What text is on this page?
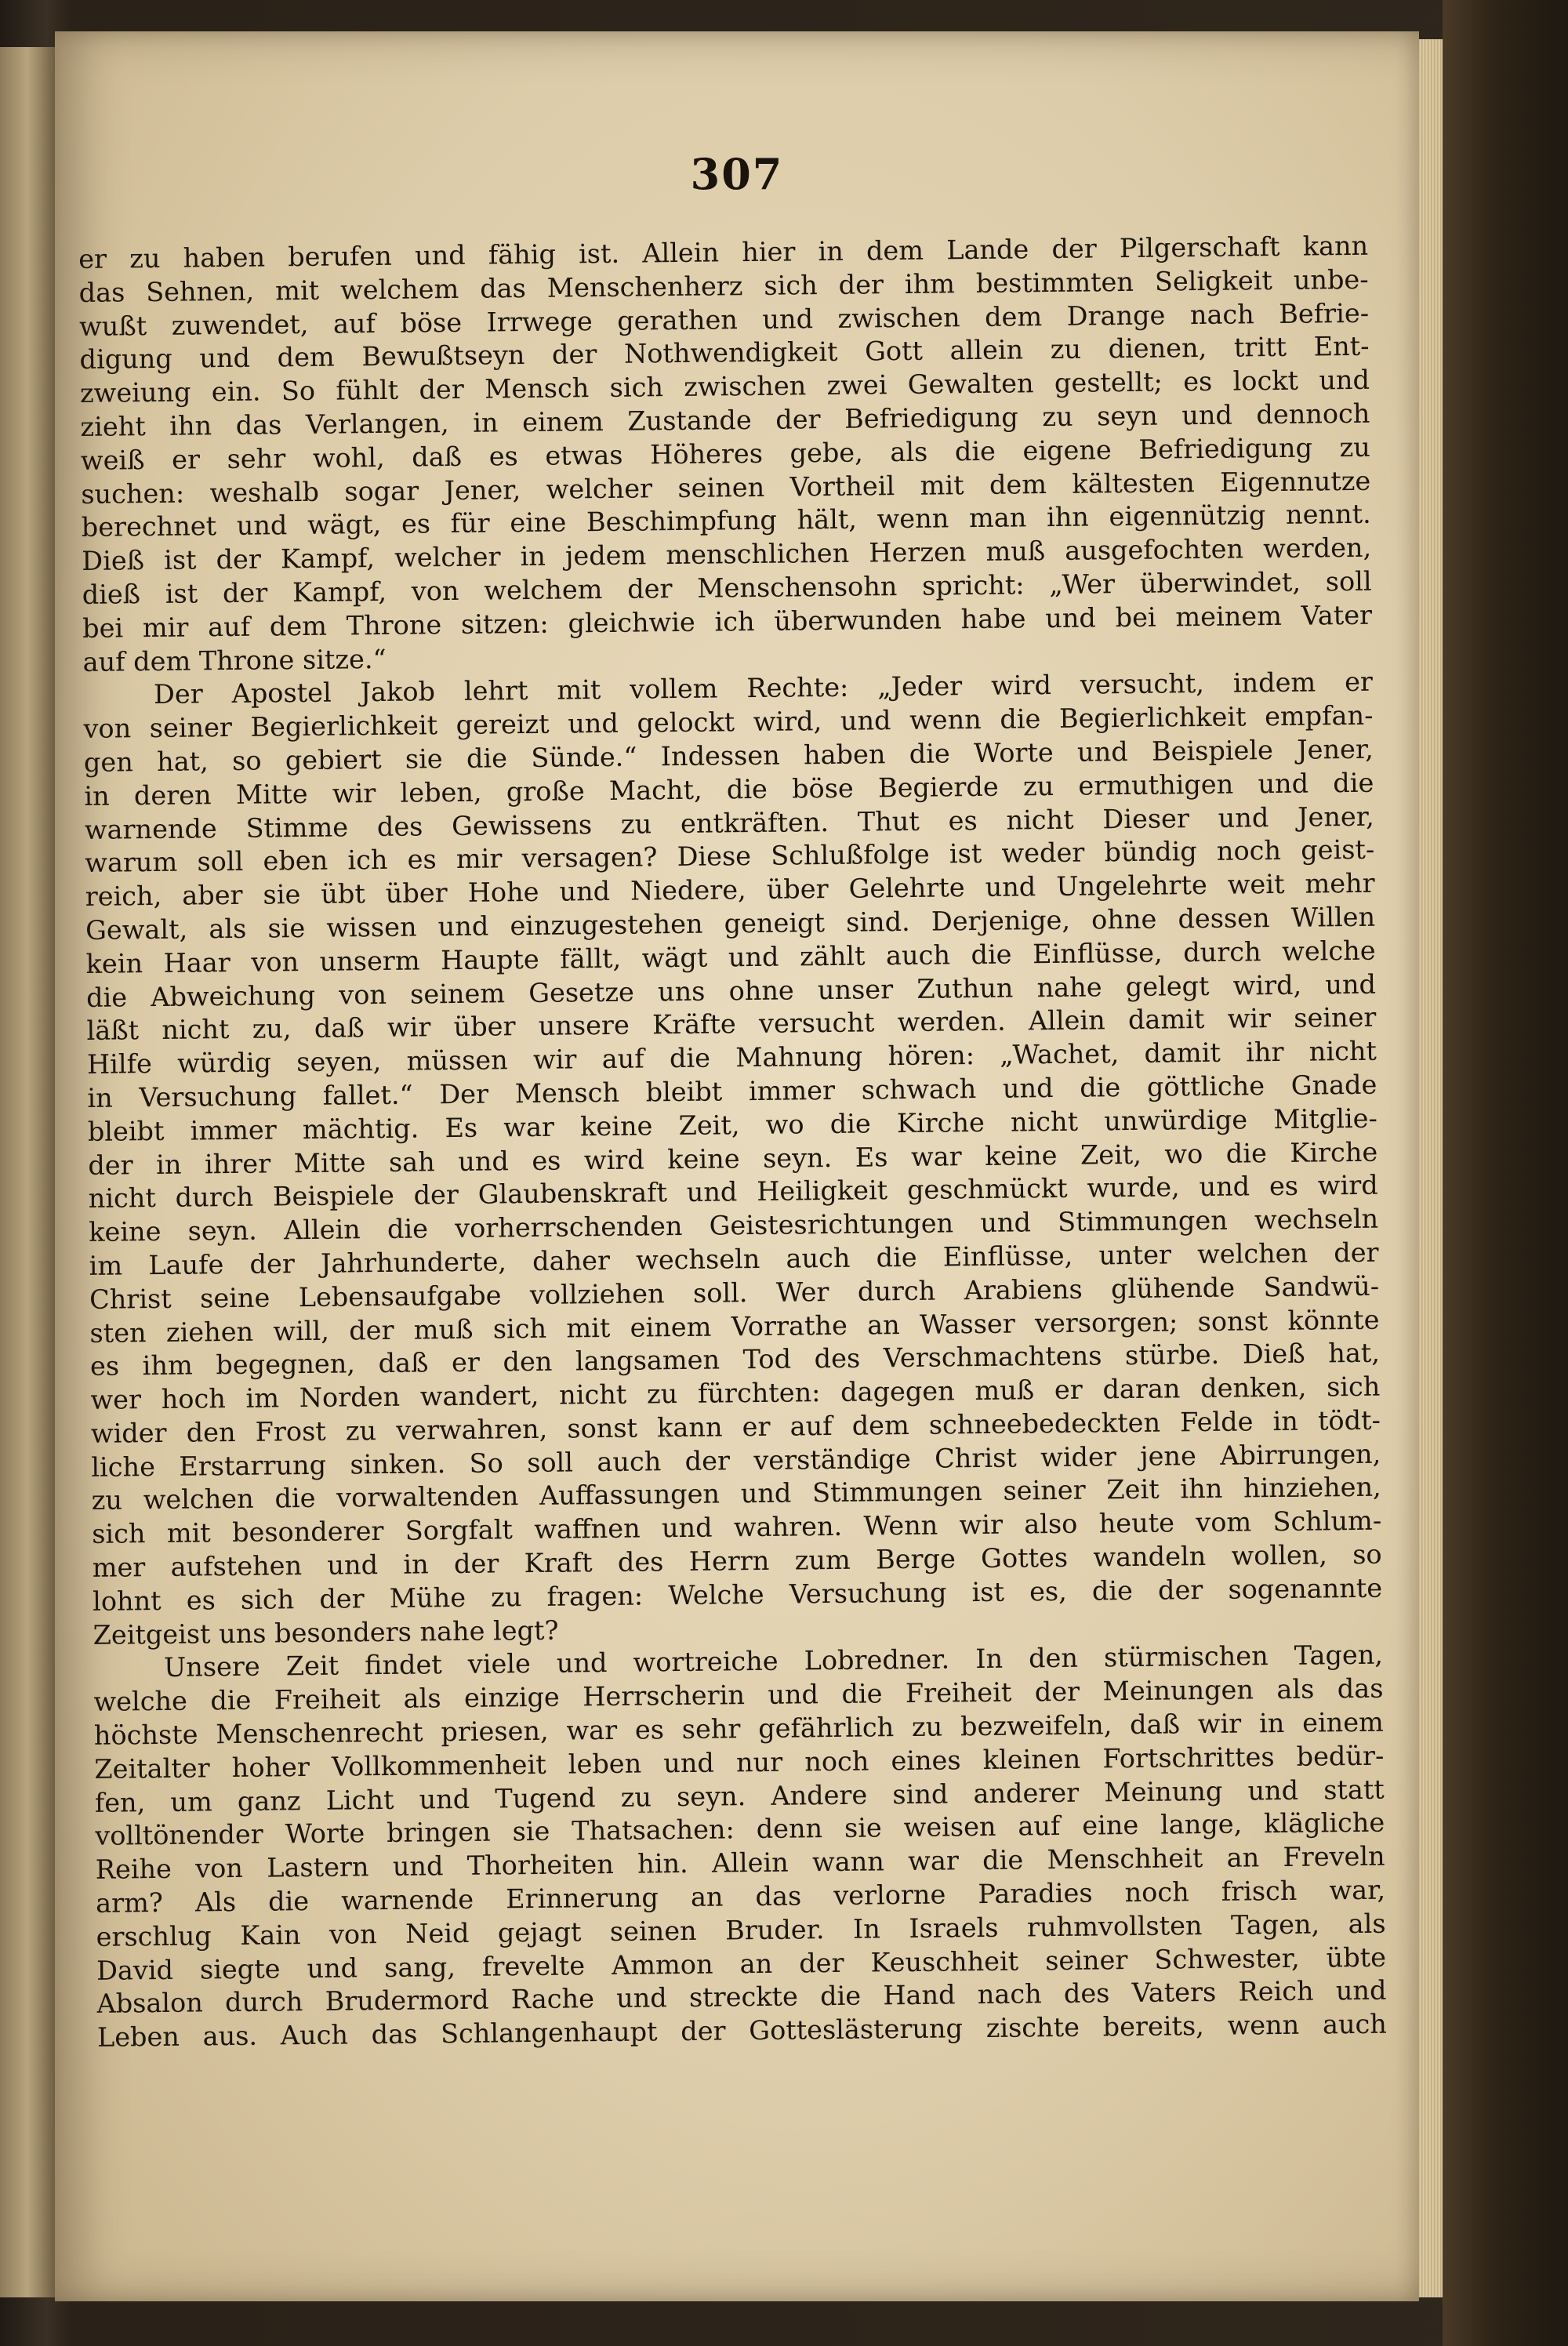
307
er zu haben berufen und fähig ist. Allein hier in dem Lande der Pilgerschaft kann
das Sehnen, mit welchem das Menschenherz sich der ihm bestimmten Seligkeit unbe-
wußt zuwendet, auf böse Irrwege gerathen und zwischen dem Drange nach Befrie-
digung und dem Bewußtseyn der Nothwendigkeit Gott allein zu dienen, tritt Ent-
zweiung ein. So fühlt der Mensch sich zwischen zwei Gewalten gestellt; es lockt und
zieht ihn das Verlangen, in einem Zustande der Befriedigung zu seyn und dennoch
weiß er sehr wohl, daß es etwas Höheres gebe, als die eigene Befriedigung zu
suchen: weshalb sogar Jener, welcher seinen Vortheil mit dem kältesten Eigennutze
berechnet und wägt, es für eine Beschimpfung hält, wenn man ihn eigennützig nennt.
Dieß ist der Kampf, welcher in jedem menschlichen Herzen muß ausgefochten werden,
dieß ist der Kampf, von welchem der Menschensohn spricht: „Wer überwindet, soll
bei mir auf dem Throne sitzen: gleichwie ich überwunden habe und bei meinem Vater
auf dem Throne sitze.“
Der Apostel Jakob lehrt mit vollem Rechte: „Jeder wird versucht, indem er
von seiner Begierlichkeit gereizt und gelockt wird, und wenn die Begierlichkeit empfan-
gen hat, so gebiert sie die Sünde.“ Indessen haben die Worte und Beispiele Jener,
in deren Mitte wir leben, große Macht, die böse Begierde zu ermuthigen und die
warnende Stimme des Gewissens zu entkräften. Thut es nicht Dieser und Jener,
warum soll eben ich es mir versagen? Diese Schlußfolge ist weder bündig noch geist-
reich, aber sie übt über Hohe und Niedere, über Gelehrte und Ungelehrte weit mehr
Gewalt, als sie wissen und einzugestehen geneigt sind. Derjenige, ohne dessen Willen
kein Haar von unserm Haupte fällt, wägt und zählt auch die Einflüsse, durch welche
die Abweichung von seinem Gesetze uns ohne unser Zuthun nahe gelegt wird, und
läßt nicht zu, daß wir über unsere Kräfte versucht werden. Allein damit wir seiner
Hilfe würdig seyen, müssen wir auf die Mahnung hören: „Wachet, damit ihr nicht
in Versuchung fallet.“ Der Mensch bleibt immer schwach und die göttliche Gnade
bleibt immer mächtig. Es war keine Zeit, wo die Kirche nicht unwürdige Mitglie-
der in ihrer Mitte sah und es wird keine seyn. Es war keine Zeit, wo die Kirche
nicht durch Beispiele der Glaubenskraft und Heiligkeit geschmückt wurde, und es wird
keine seyn. Allein die vorherrschenden Geistesrichtungen und Stimmungen wechseln
im Laufe der Jahrhunderte, daher wechseln auch die Einflüsse, unter welchen der
Christ seine Lebensaufgabe vollziehen soll. Wer durch Arabiens glühende Sandwü-
sten ziehen will, der muß sich mit einem Vorrathe an Wasser versorgen; sonst könnte
es ihm begegnen, daß er den langsamen Tod des Verschmachtens stürbe. Dieß hat,
wer hoch im Norden wandert, nicht zu fürchten: dagegen muß er daran denken, sich
wider den Frost zu verwahren, sonst kann er auf dem schneebedeckten Felde in tödt-
liche Erstarrung sinken. So soll auch der verständige Christ wider jene Abirrungen,
zu welchen die vorwaltenden Auffassungen und Stimmungen seiner Zeit ihn hinziehen,
sich mit besonderer Sorgfalt waffnen und wahren. Wenn wir also heute vom Schlum-
mer aufstehen und in der Kraft des Herrn zum Berge Gottes wandeln wollen, so
lohnt es sich der Mühe zu fragen: Welche Versuchung ist es, die der sogenannte
Zeitgeist uns besonders nahe legt?
Unsere Zeit findet viele und wortreiche Lobredner. In den stürmischen Tagen,
welche die Freiheit als einzige Herrscherin und die Freiheit der Meinungen als das
höchste Menschenrecht priesen, war es sehr gefährlich zu bezweifeln, daß wir in einem
Zeitalter hoher Vollkommenheit leben und nur noch eines kleinen Fortschrittes bedür-
fen, um ganz Licht und Tugend zu seyn. Andere sind anderer Meinung und statt
volltönender Worte bringen sie Thatsachen: denn sie weisen auf eine lange, klägliche
Reihe von Lastern und Thorheiten hin. Allein wann war die Menschheit an Freveln
arm? Als die warnende Erinnerung an das verlorne Paradies noch frisch war,
erschlug Kain von Neid gejagt seinen Bruder. In Israels ruhmvollsten Tagen, als
David siegte und sang, frevelte Ammon an der Keuschheit seiner Schwester, übte
Absalon durch Brudermord Rache und streckte die Hand nach des Vaters Reich und
Leben aus. Auch das Schlangenhaupt der Gotteslästerung zischte bereits, wenn auch
